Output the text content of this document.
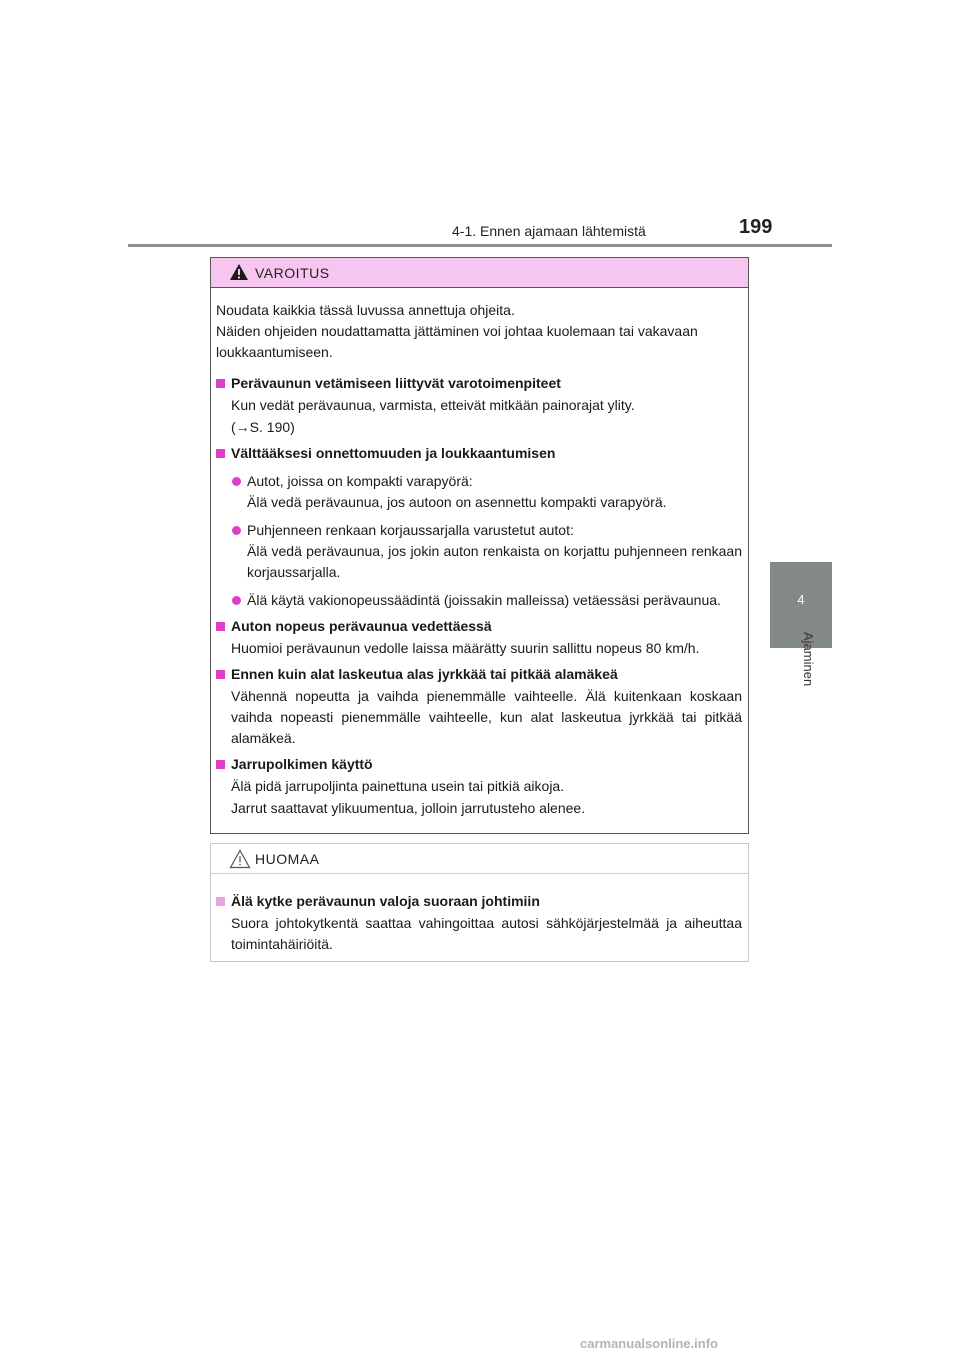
4-1. Ennen ajamaan lähtemistä	199
4
Ajaminen
VAROITUS
Noudata kaikkia tässä luvussa annettuja ohjeita.
Näiden ohjeiden noudattamatta jättäminen voi johtaa kuolemaan tai vakavaan loukkaantumiseen.
Perävaunun vetämiseen liittyvät varotoimenpiteet
Kun vedät perävaunua, varmista, etteivät mitkään painorajat ylity.
(→S. 190)
Välttääksesi onnettomuuden ja loukkaantumisen
Autot, joissa on kompakti varapyörä:
Älä vedä perävaunua, jos autoon on asennettu kompakti varapyörä.
Puhjenneen renkaan korjaussarjalla varustetut autot:
Älä vedä perävaunua, jos jokin auton renkaista on korjattu puhjenneen renkaan korjaussarjalla.
Älä käytä vakionopeussäädintä (joissakin malleissa) vetäessäsi perävaunua.
Auton nopeus perävaunua vedettäessä
Huomioi perävaunun vedolle laissa määrätty suurin sallittu nopeus 80 km/h.
Ennen kuin alat laskeutua alas jyrkkää tai pitkää alamäkeä
Vähennä nopeutta ja vaihda pienemmälle vaihteelle. Älä kuitenkaan koskaan vaihda nopeasti pienemmälle vaihteelle, kun alat laskeutua jyrkkää tai pitkää alamäkeä.
Jarrupolkimen käyttö
Älä pidä jarrupoljinta painettuna usein tai pitkiä aikoja.
Jarrut saattavat ylikuumentua, jolloin jarrutusteho alenee.
HUOMAA
Älä kytke perävaunun valoja suoraan johtimiin
Suora johtokytkentä saattaa vahingoittaa autosi sähköjärjestelmää ja aiheuttaa toimintahäiriöitä.
carmanualsonline.info
